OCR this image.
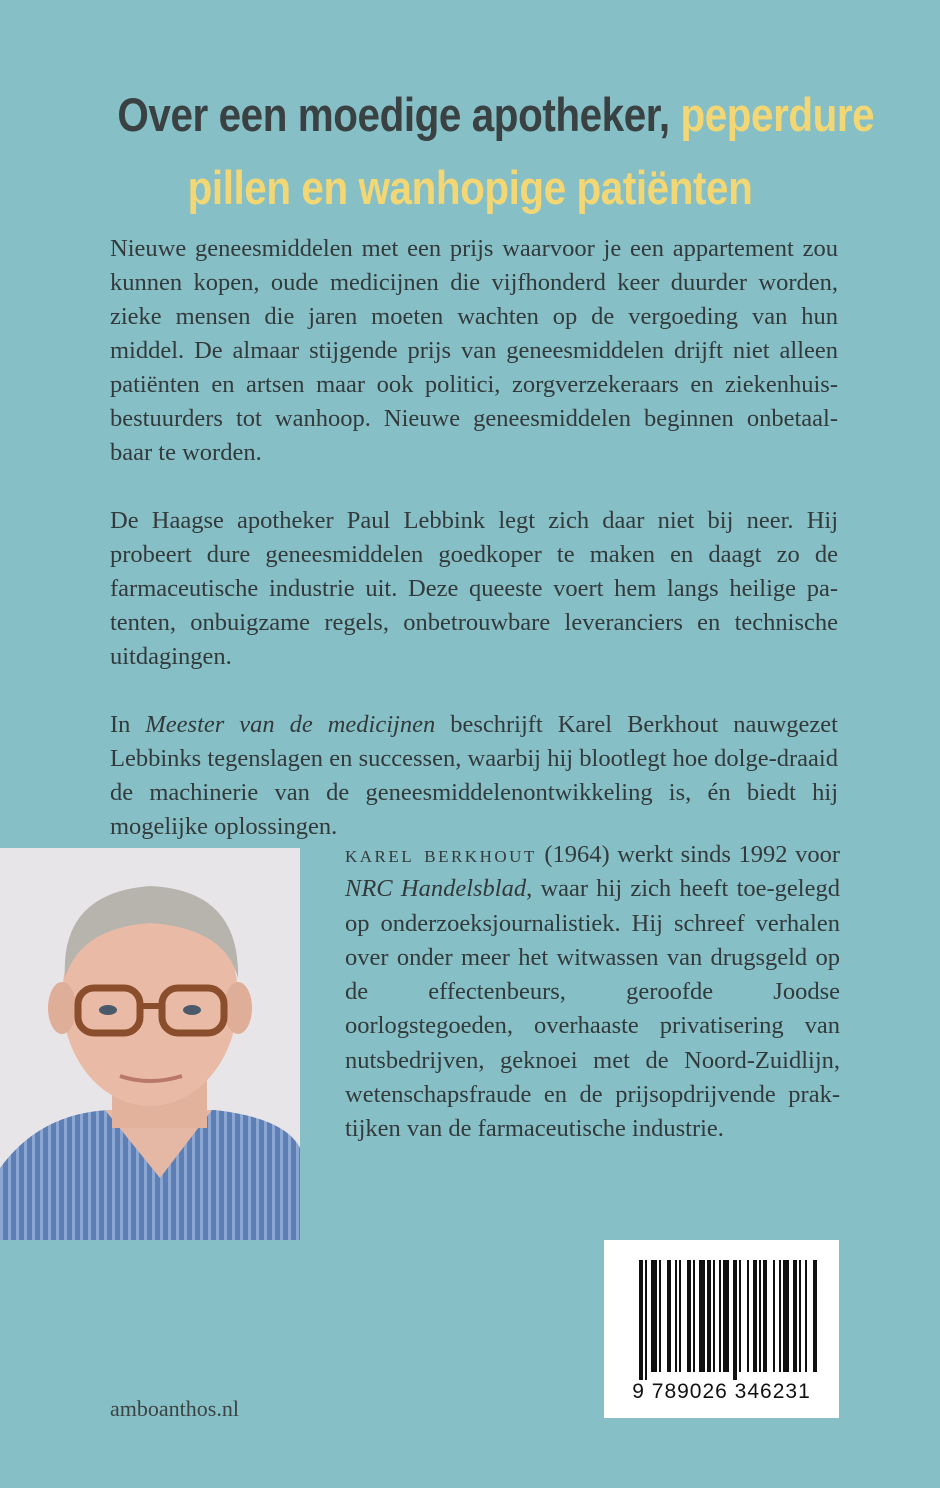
Over een moedige apotheker, peperdure
pillen en wanhopige patiënten

Nieuwe geneesmiddelen met een prijs waarvoor je een appartement zou kunnen kopen, oude medicijnen die vijfhonderd keer duurder worden, zieke mensen die jaren moeten wachten op de vergoeding van hun middel. De almaar stijgende prijs van geneesmiddelen drijft niet alleen patiënten en artsen maar ook politici, zorgverzekeraars en ziekenhuis-bestuurders tot wanhoop. Nieuwe geneesmiddelen beginnen onbetaal-baar te worden.

De Haagse apotheker Paul Lebbink legt zich daar niet bij neer. Hij probeert dure geneesmiddelen goedkoper te maken en daagt zo de farmaceutische industrie uit. Deze queeste voert hem langs heilige pa-tenten, onbuigzame regels, onbetrouwbare leveranciers en technische uitdagingen.

In Meester van de medicijnen beschrijft Karel Berkhout nauwgezet Lebbinks tegenslagen en successen, waarbij hij blootlegt hoe dolge-draaid de machinerie van de geneesmiddelenontwikkeling is, én biedt hij mogelijke oplossingen.

karel berkhout (1964) werkt sinds 1992 voor NRC Handelsblad, waar hij zich heeft toe-gelegd op onderzoeksjournalistiek. Hij schreef verhalen over onder meer het witwassen van drugsgeld op de effectenbeurs, geroofde Joodse oorlogstegoeden, overhaaste privatisering van nutsbedrijven, geknoei met de Noord-Zuidlijn, wetenschapsfraude en de prijsopdrijvende prak-tijken van de farmaceutische industrie.
amboanthos.nl
9 789026 346231
